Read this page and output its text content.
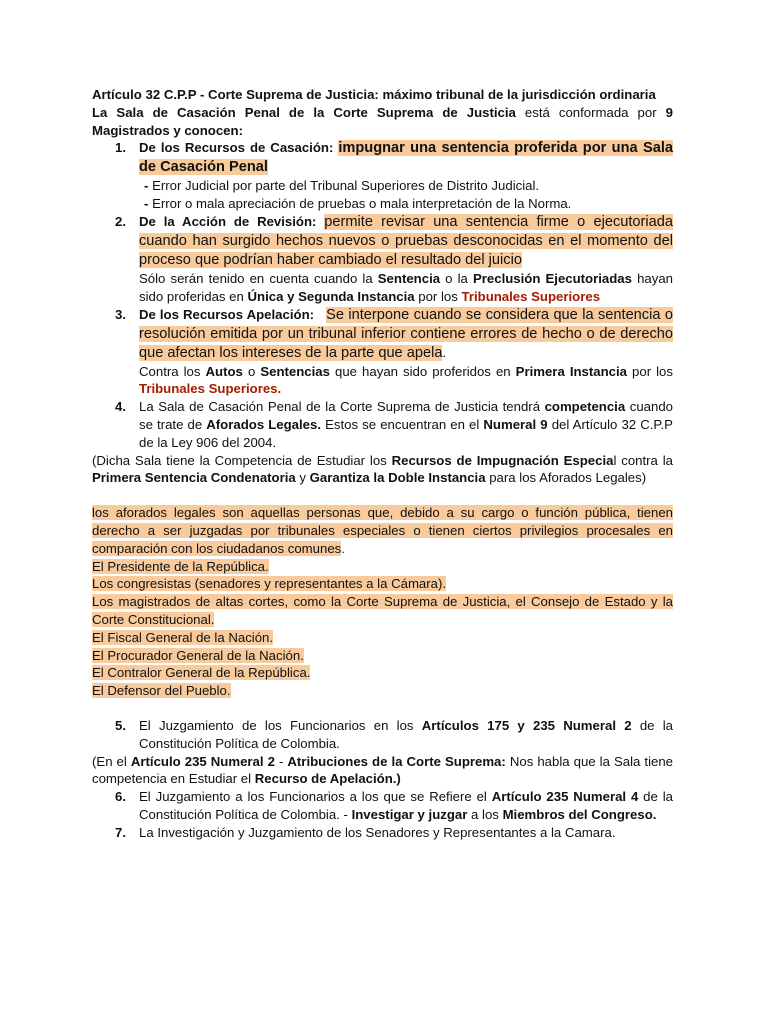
Artículo 32 C.P.P - Corte Suprema de Justicia: máximo tribunal de la jurisdicción ordinaria

La Sala de Casación Penal de la Corte Suprema de Justicia está conformada por 9 Magistrados y conocen:

1. De los Recursos de Casación: impugnar una sentencia proferida por una Sala de Casación Penal
- Error Judicial por parte del Tribunal Superiores de Distrito Judicial.
- Error o mala apreciación de pruebas o mala interpretación de la Norma.
2. De la Acción de Revisión: permite revisar una sentencia firme o ejecutoriada cuando han surgido hechos nuevos o pruebas desconocidas en el momento del proceso que podrían haber cambiado el resultado del juicio
Sólo serán tenido en cuenta cuando la Sentencia o la Preclusión Ejecutoriadas hayan sido proferidas en Única y Segunda Instancia por los Tribunales Superiores
3. De los Recursos Apelación: Se interpone cuando se considera que la sentencia o resolución emitida por un tribunal inferior contiene errores de hecho o de derecho que afectan los intereses de la parte que apela.
Contra los Autos o Sentencias que hayan sido proferidos en Primera Instancia por los Tribunales Superiores.
4. La Sala de Casación Penal de la Corte Suprema de Justicia tendrá competencia cuando se trate de Aforados Legales. Estos se encuentran en el Numeral 9 del Artículo 32 C.P.P de la Ley 906 del 2004.

(Dicha Sala tiene la Competencia de Estudiar los Recursos de Impugnación Especial contra la Primera Sentencia Condenatoria y Garantiza la Doble Instancia para los Aforados Legales)

los aforados legales son aquellas personas que, debido a su cargo o función pública, tienen derecho a ser juzgadas por tribunales especiales o tienen ciertos privilegios procesales en comparación con los ciudadanos comunes.

El Presidente de la República.
Los congresistas (senadores y representantes a la Cámara).
Los magistrados de altas cortes, como la Corte Suprema de Justicia, el Consejo de Estado y la Corte Constitucional.
El Fiscal General de la Nación.
El Procurador General de la Nación.
El Contralor General de la República.
El Defensor del Pueblo.
5. El Juzgamiento de los Funcionarios en los Artículos 175 y 235 Numeral 2 de la Constitución Política de Colombia.

(En el Artículo 235 Numeral 2 - Atribuciones de la Corte Suprema: Nos habla que la Sala tiene competencia en Estudiar el Recurso de Apelación.)

6. El Juzgamiento a los Funcionarios a los que se Refiere el Artículo 235 Numeral 4 de la Constitución Política de Colombia. - Investigar y juzgar a los Miembros del Congreso.
7. La Investigación y Juzgamiento de los Senadores y Representantes a la Camara.
